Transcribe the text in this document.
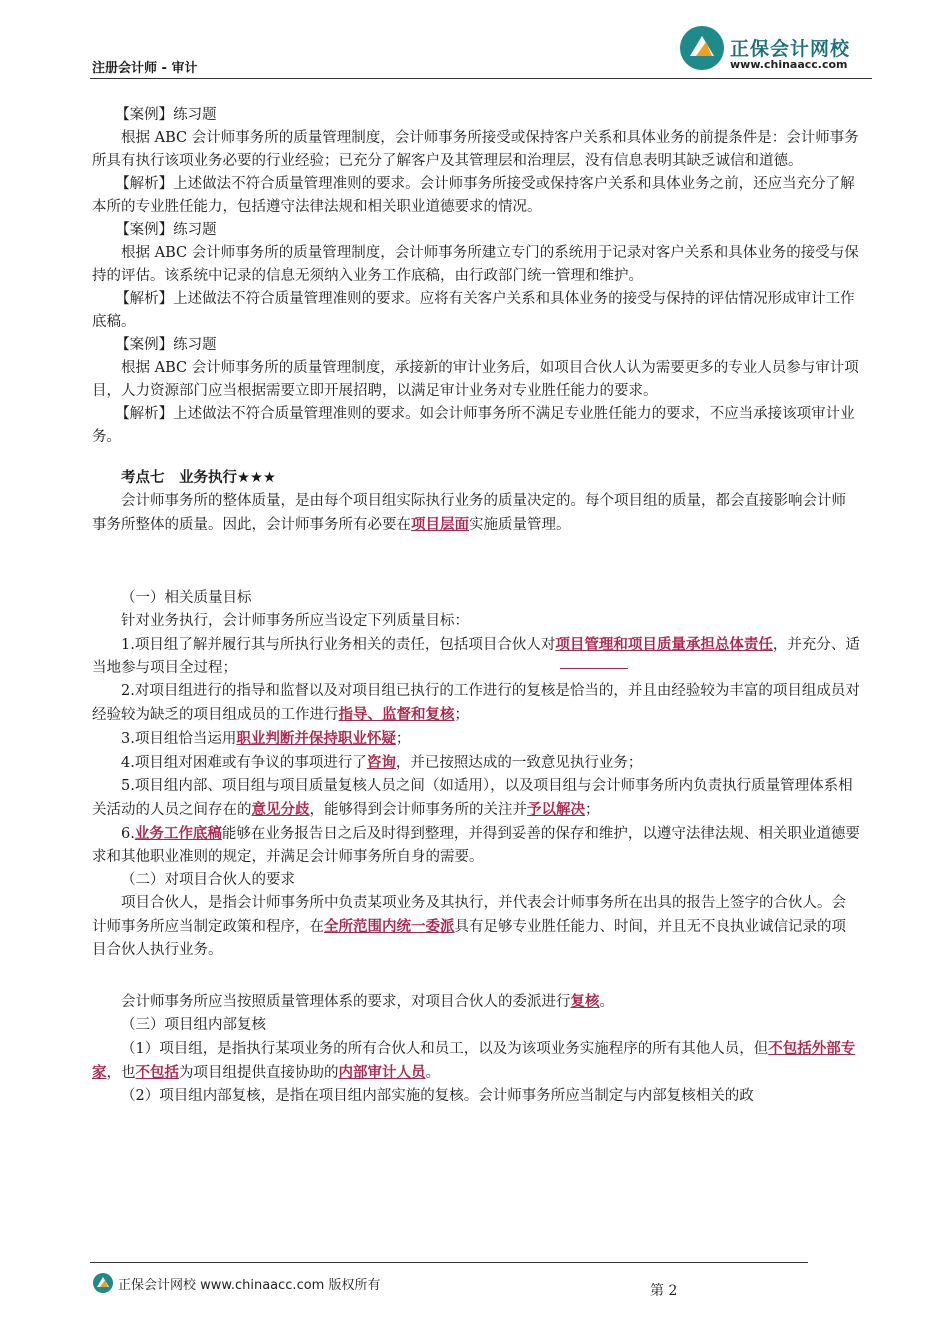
注册会计师 - 审计
正保会计网校
www.chinaacc.com

【案例】练习题

根据 ABC 会计师事务所的质量管理制度，会计师事务所接受或保持客户关系和具体业务的前提条件是：会计师事务所具有执行该项业务必要的行业经验；已充分了解客户及其管理层和治理层，没有信息表明其缺乏诚信和道德。

【解析】上述做法不符合质量管理准则的要求。会计师事务所接受或保持客户关系和具体业务之前，还应当充分了解本所的专业胜任能力，包括遵守法律法规和相关职业道德要求的情况。

【案例】练习题

根据 ABC 会计师事务所的质量管理制度，会计师事务所建立专门的系统用于记录对客户关系和具体业务的接受与保持的评估。该系统中记录的信息无须纳入业务工作底稿，由行政部门统一管理和维护。

【解析】上述做法不符合质量管理准则的要求。应将有关客户关系和具体业务的接受与保持的评估情况形成审计工作底稿。

【案例】练习题

根据 ABC 会计师事务所的质量管理制度，承接新的审计业务后，如项目合伙人认为需要更多的专业人员参与审计项目，人力资源部门应当根据需要立即开展招聘，以满足审计业务对专业胜任能力的要求。

【解析】上述做法不符合质量管理准则的要求。如会计师事务所不满足专业胜任能力的要求，不应当承接该项审计业务。

考点七　业务执行★★★

会计师事务所的整体质量，是由每个项目组实际执行业务的质量决定的。每个项目组的质量，都会直接影响会计师事务所整体的质量。因此，会计师事务所有必要在项目层面实施质量管理。

（一）相关质量目标

针对业务执行，会计师事务所应当设定下列质量目标：

1.项目组了解并履行其与所执行业务相关的责任，包括项目合伙人对项目管理和项目质量承担总体责任，并充分、适当地参与项目全过程；

2.对项目组进行的指导和监督以及对项目组已执行的工作进行的复核是恰当的，并且由经验较为丰富的项目组成员对经验较为缺乏的项目组成员的工作进行指导、监督和复核；

3.项目组恰当运用职业判断并保持职业怀疑；

4.项目组对困难或有争议的事项进行了咨询，并已按照达成的一致意见执行业务；

5.项目组内部、项目组与项目质量复核人员之间（如适用），以及项目组与会计师事务所内负责执行质量管理体系相关活动的人员之间存在的意见分歧，能够得到会计师事务所的关注并予以解决；

6.业务工作底稿能够在业务报告日之后及时得到整理，并得到妥善的保存和维护，以遵守法律法规、相关职业道德要求和其他职业准则的规定，并满足会计师事务所自身的需要。

（二）对项目合伙人的要求

项目合伙人，是指会计师事务所中负责某项业务及其执行，并代表会计师事务所在出具的报告上签字的合伙人。会计师事务所应当制定政策和程序，在全所范围内统一委派具有足够专业胜任能力、时间，并且无不良执业诚信记录的项目合伙人执行业务。

会计师事务所应当按照质量管理体系的要求，对项目合伙人的委派进行复核。

（三）项目组内部复核

（1）项目组，是指执行某项业务的所有合伙人和员工，以及为该项业务实施程序的所有其他人员，但不包括外部专家，也不包括为项目组提供直接协助的内部审计人员。

（2）项目组内部复核，是指在项目组内部实施的复核。会计师事务所应当制定与内部复核相关的政

正保会计网校 www.chinaacc.com 版权所有	第 2
